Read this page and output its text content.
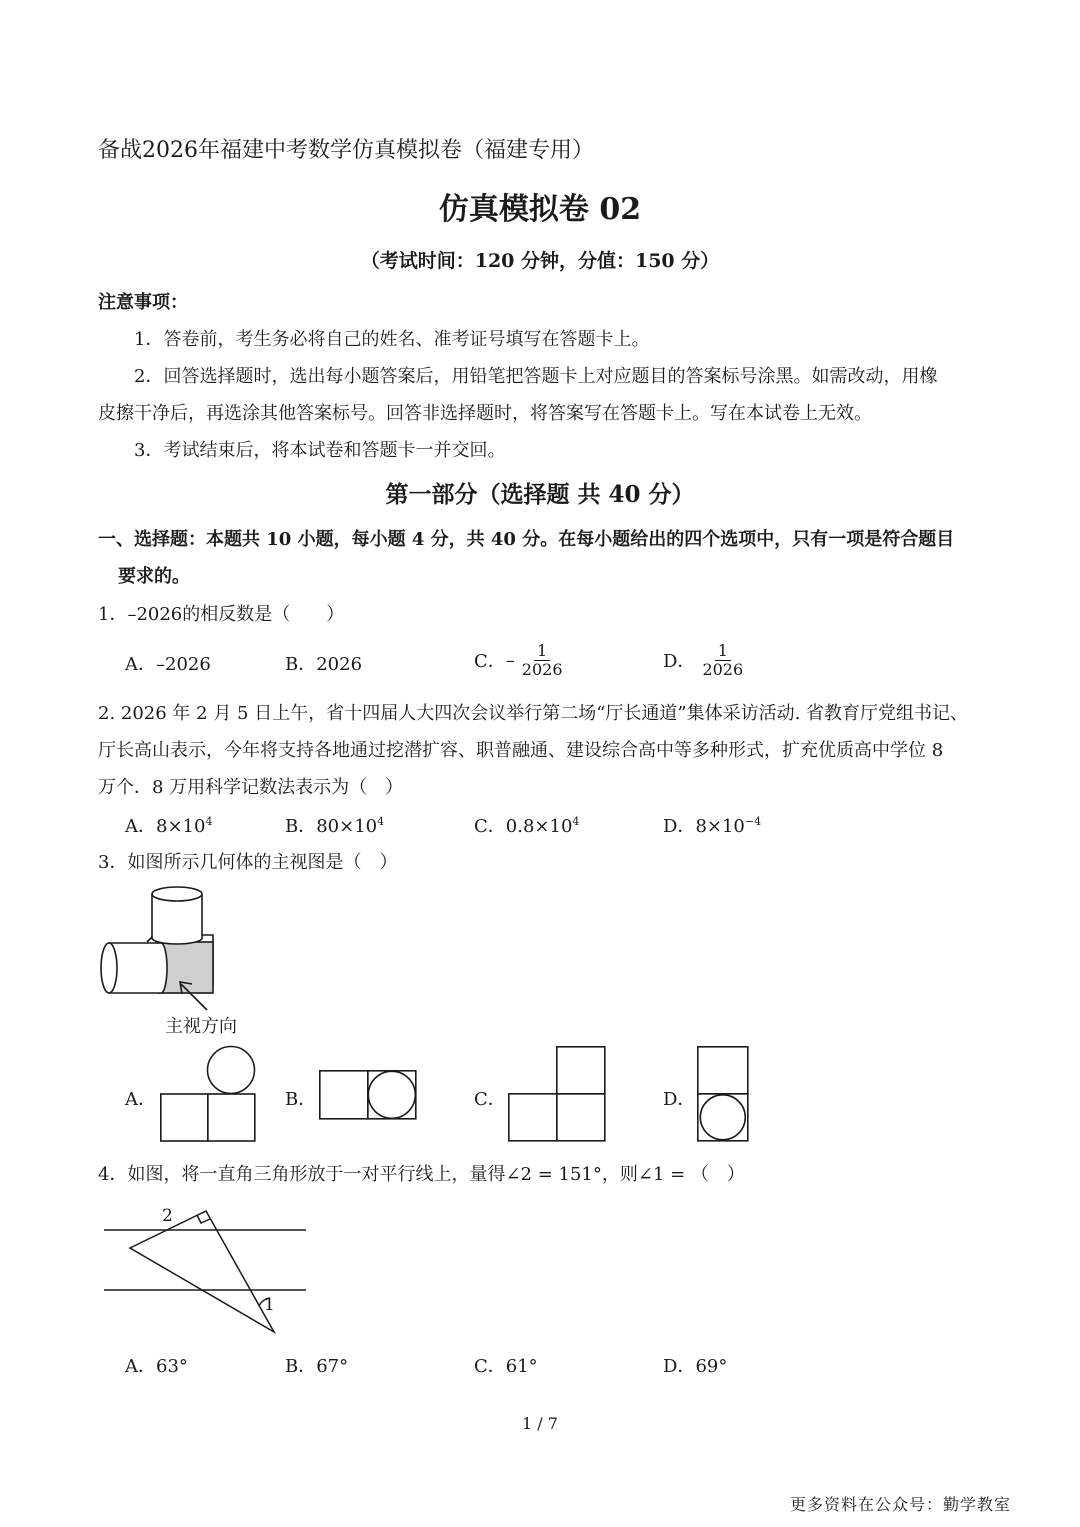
备战2026年福建中考数学仿真模拟卷（福建专用）
仿真模拟卷 02
（考试时间：120 分钟，分值：150 分）
注意事项：
1．答卷前，考生务必将自己的姓名、准考证号填写在答题卡上。
2．回答选择题时，选出每小题答案后，用铅笔把答题卡上对应题目的答案标号涂黑。如需改动，用橡
皮擦干净后，再选涂其他答案标号。回答非选择题时，将答案写在答题卡上。写在本试卷上无效。
3．考试结束后，将本试卷和答题卡一并交回。
第一部分（选择题 共 40 分）
一、选择题：本题共 10 小题，每小题 4 分，共 40 分。在每小题给出的四个选项中，只有一项是符合题目
要求的。
1．–2026的相反数是（　　）
A．–2026	B．2026	C． – $\frac{1}{2026}$	D． $\frac{1}{2026}$
2. 2026 年 2 月 5 日上午，省十四届人大四次会议举行第二场“厅长通道”集体采访活动. 省教育厅党组书记、
厅长高山表示，今年将支持各地通过挖潜扩容、职普融通、建设综合高中等多种形式，扩充优质高中学位 8
万个．8 万用科学记数法表示为（　）
A．$8\times 10^4$	B．$80\times 10^4$	C．$0.8\times 10^4$	D．$8\times 10^{-4}$
3．如图所示几何体的主视图是（　）
主视方向
A．	B．	C．	D．
4．如图，将一直角三角形放于一对平行线上，量得∠2 = 151°，则∠1 = （　）
2
1
A．63°	B．67°	C．61°	D．69°
1 / 7
更多资料在公众号：勤学教室
